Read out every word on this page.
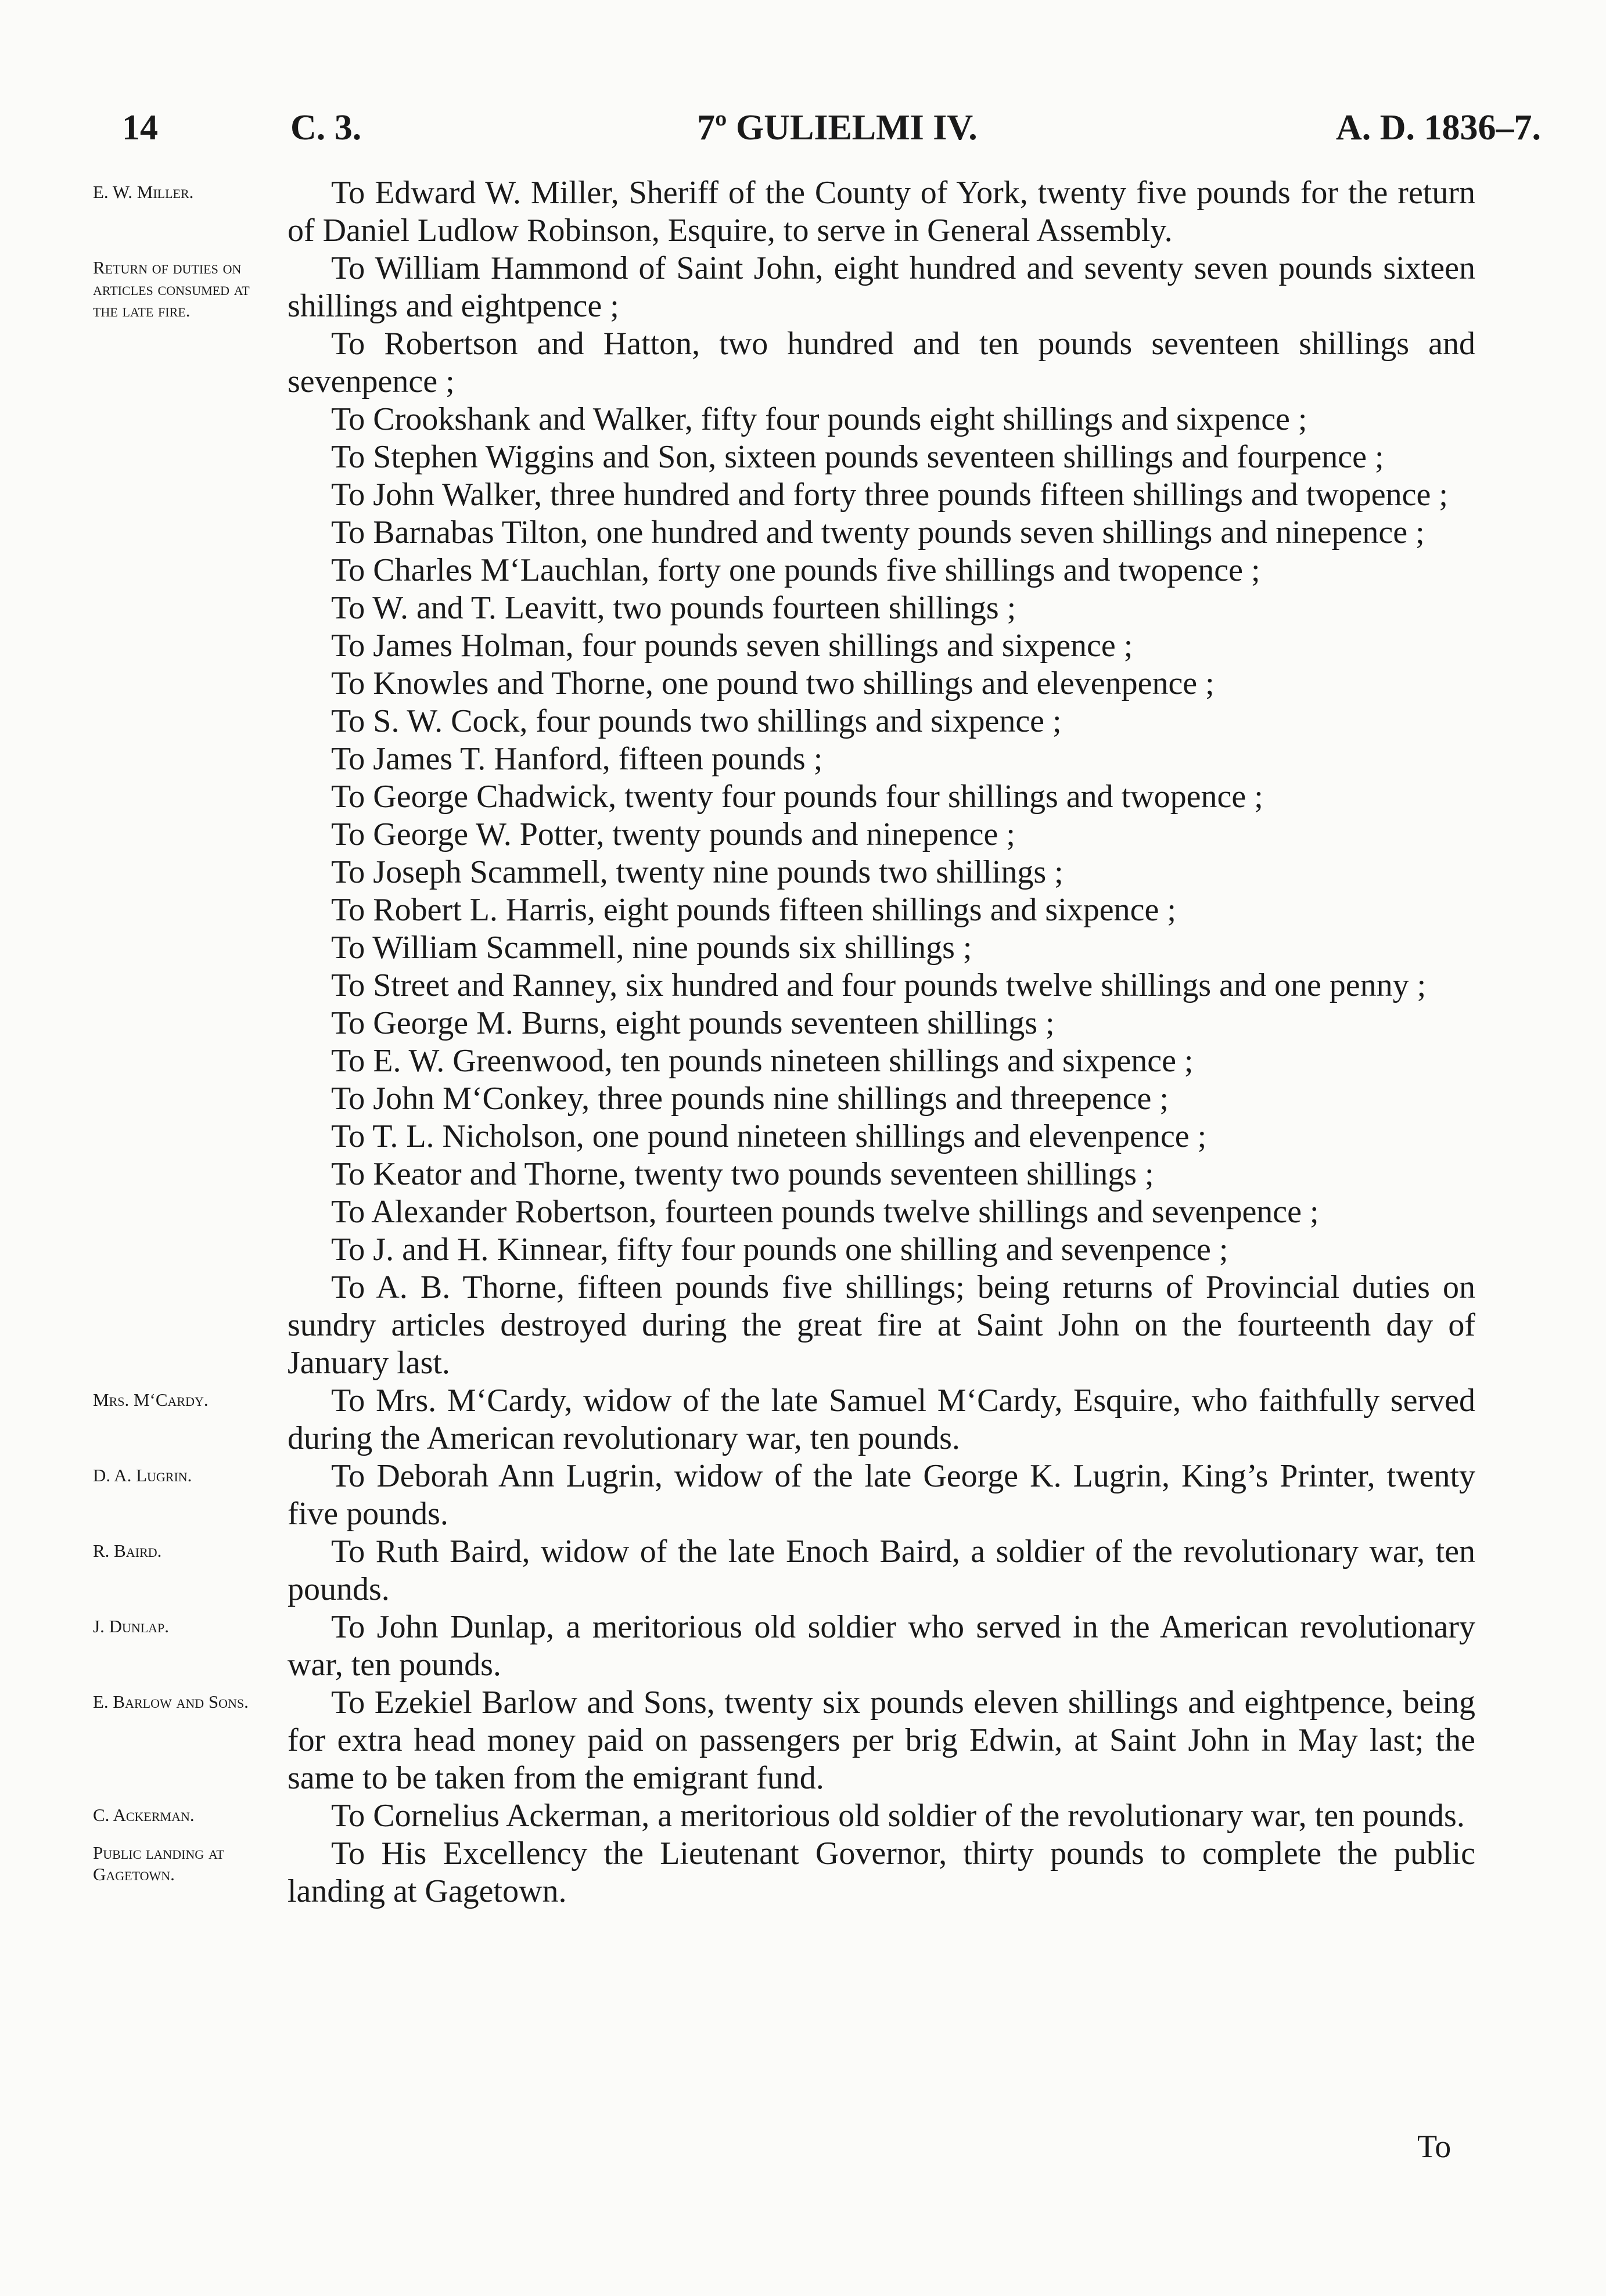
14	C. 3.	7º GULIELMI IV.	A. D. 1836–7.
E. W. Miller.	To Edward W. Miller, Sheriff of the County of York, twenty five pounds for the return of Daniel Ludlow Robinson, Esquire, to serve in General Assembly.
Return of duties on articles consumed at the late fire.
To William Hammond of Saint John, eight hundred and seventy seven pounds sixteen shillings and eightpence ;
To Robertson and Hatton, two hundred and ten pounds seventeen shillings and sevenpence ;
To Crookshank and Walker, fifty four pounds eight shillings and sixpence ;
To Stephen Wiggins and Son, sixteen pounds seventeen shillings and fourpence ;
To John Walker, three hundred and forty three pounds fifteen shillings and twopence ;
To Barnabas Tilton, one hundred and twenty pounds seven shillings and ninepence ;
To Charles M‘Lauchlan, forty one pounds five shillings and twopence ;
To W. and T. Leavitt, two pounds fourteen shillings ;
To James Holman, four pounds seven shillings and sixpence ;
To Knowles and Thorne, one pound two shillings and elevenpence ;
To S. W. Cock, four pounds two shillings and sixpence ;
To James T. Hanford, fifteen pounds ;
To George Chadwick, twenty four pounds four shillings and twopence ;
To George W. Potter, twenty pounds and ninepence ;
To Joseph Scammell, twenty nine pounds two shillings ;
To Robert L. Harris, eight pounds fifteen shillings and sixpence ;
To William Scammell, nine pounds six shillings ;
To Street and Ranney, six hundred and four pounds twelve shillings and one penny ;
To George M. Burns, eight pounds seventeen shillings ;
To E. W. Greenwood, ten pounds nineteen shillings and sixpence ;
To John M‘Conkey, three pounds nine shillings and threepence ;
To T. L. Nicholson, one pound nineteen shillings and elevenpence ;
To Keator and Thorne, twenty two pounds seventeen shillings ;
To Alexander Robertson, fourteen pounds twelve shillings and sevenpence ;
To J. and H. Kinnear, fifty four pounds one shilling and sevenpence ;
To A. B. Thorne, fifteen pounds five shillings; being returns of Provincial duties on sundry articles destroyed during the great fire at Saint John on the fourteenth day of January last.
Mrs. M‘Cardy.	To Mrs. M‘Cardy, widow of the late Samuel M‘Cardy, Esquire, who faithfully served during the American revolutionary war, ten pounds.
D. A. Lugrin.	To Deborah Ann Lugrin, widow of the late George K. Lugrin, King’s Printer, twenty five pounds.
R. Baird.	To Ruth Baird, widow of the late Enoch Baird, a soldier of the revolutionary war, ten pounds.
J. Dunlap.	To John Dunlap, a meritorious old soldier who served in the American revolutionary war, ten pounds.
E. Barlow and Sons.	To Ezekiel Barlow and Sons, twenty six pounds eleven shillings and eightpence, being for extra head money paid on passengers per brig Edwin, at Saint John in May last; the same to be taken from the emigrant fund.
C. Ackerman.	To Cornelius Ackerman, a meritorious old soldier of the revolutionary war, ten pounds.
Public landing at Gagetown.
To His Excellency the Lieutenant Governor, thirty pounds to complete the public landing at Gagetown.
To
